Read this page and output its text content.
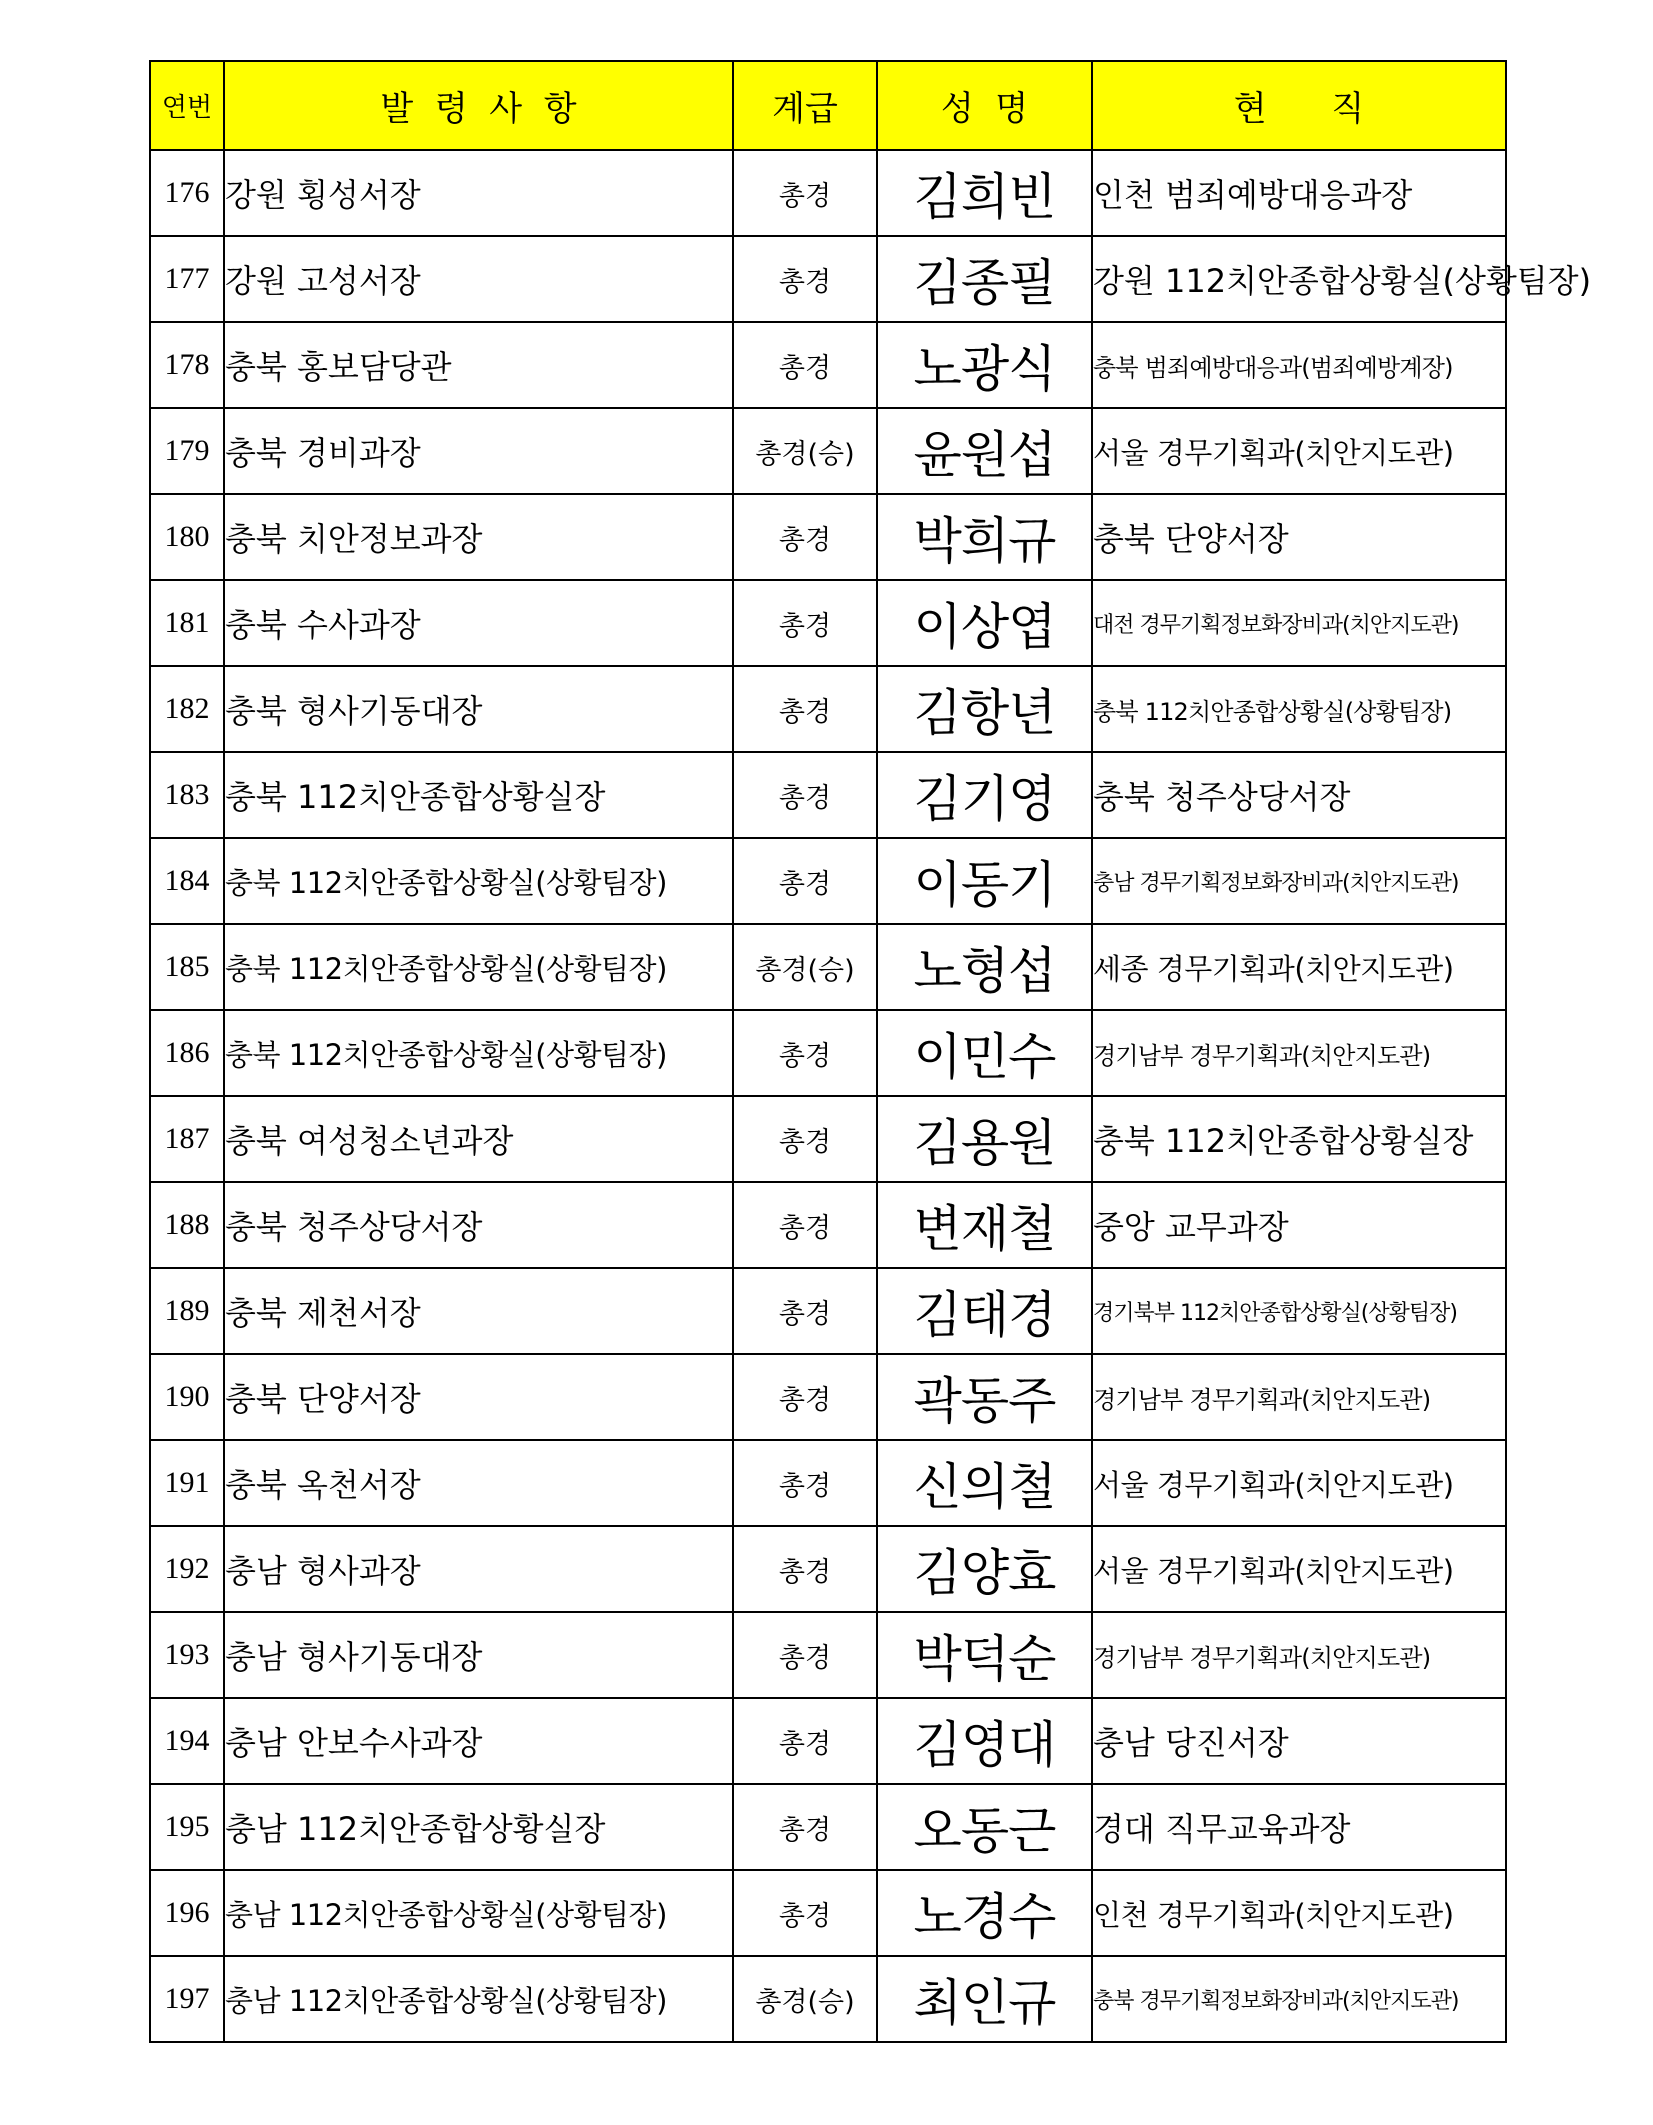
연번	발  령  사  항	계급	성  명	현      직
176	강원 횡성서장	총경	김희빈	인천 범죄예방대응과장
177	강원 고성서장	총경	김종필	강원 112치안종합상황실(상황팀장)
178	충북 홍보담당관	총경	노광식	충북 범죄예방대응과(범죄예방계장)
179	충북 경비과장	총경(승)	윤원섭	서울 경무기획과(치안지도관)
180	충북 치안정보과장	총경	박희규	충북 단양서장
181	충북 수사과장	총경	이상엽	대전 경무기획정보화장비과(치안지도관)
182	충북 형사기동대장	총경	김항년	충북 112치안종합상황실(상황팀장)
183	충북 112치안종합상황실장	총경	김기영	충북 청주상당서장
184	충북 112치안종합상황실(상황팀장)	총경	이동기	충남 경무기획정보화장비과(치안지도관)
185	충북 112치안종합상황실(상황팀장)	총경(승)	노형섭	세종 경무기획과(치안지도관)
186	충북 112치안종합상황실(상황팀장)	총경	이민수	경기남부 경무기획과(치안지도관)
187	충북 여성청소년과장	총경	김용원	충북 112치안종합상황실장
188	충북 청주상당서장	총경	변재철	중앙 교무과장
189	충북 제천서장	총경	김태경	경기북부 112치안종합상황실(상황팀장)
190	충북 단양서장	총경	곽동주	경기남부 경무기획과(치안지도관)
191	충북 옥천서장	총경	신의철	서울 경무기획과(치안지도관)
192	충남 형사과장	총경	김양효	서울 경무기획과(치안지도관)
193	충남 형사기동대장	총경	박덕순	경기남부 경무기획과(치안지도관)
194	충남 안보수사과장	총경	김영대	충남 당진서장
195	충남 112치안종합상황실장	총경	오동근	경대 직무교육과장
196	충남 112치안종합상황실(상황팀장)	총경	노경수	인천 경무기획과(치안지도관)
197	충남 112치안종합상황실(상황팀장)	총경(승)	최인규	충북 경무기획정보화장비과(치안지도관)
